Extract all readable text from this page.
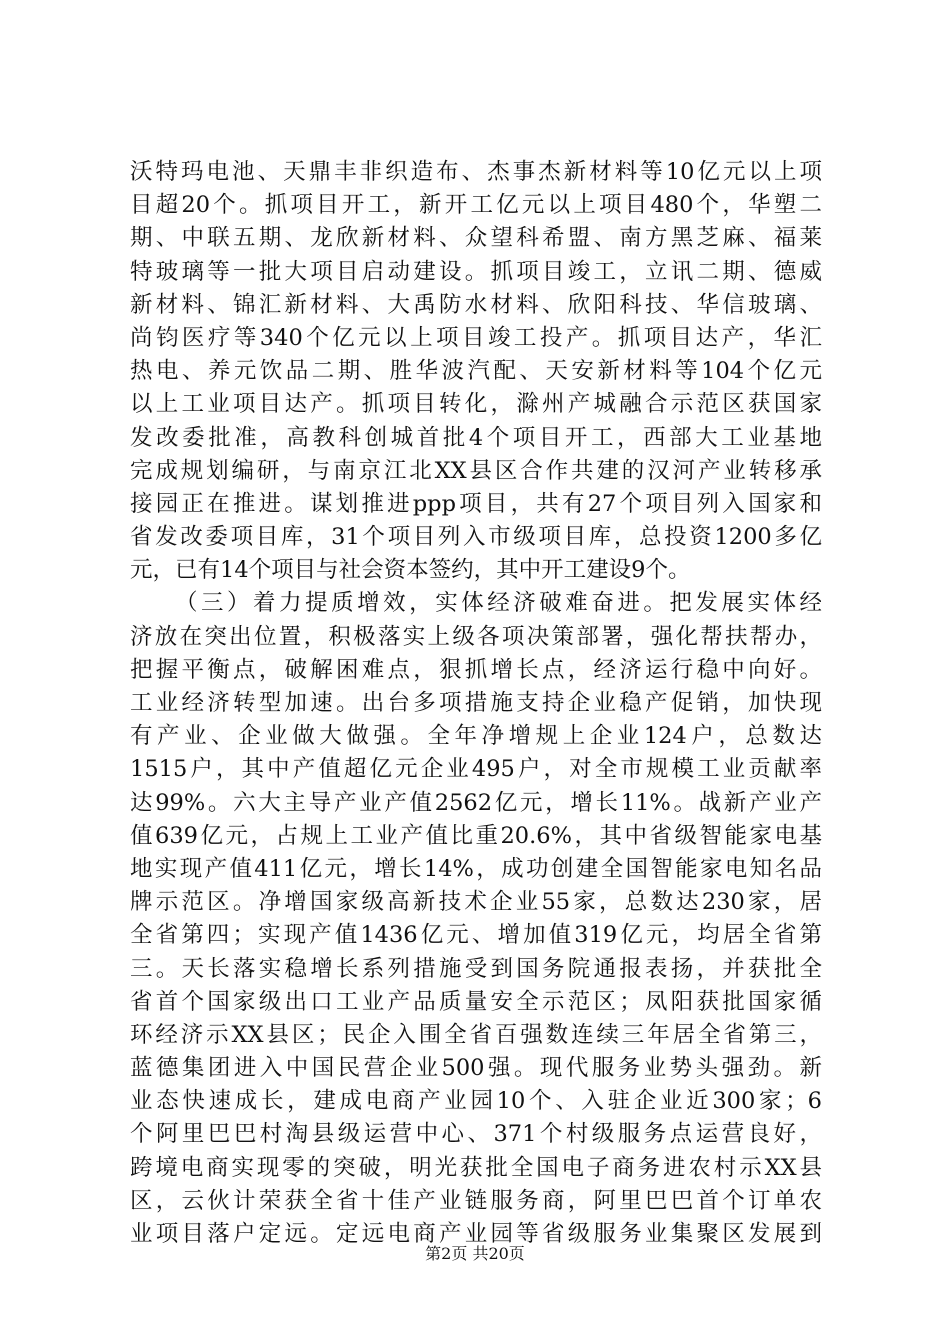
沃特玛电池、天鼎丰非织造布、杰事杰新材料等10亿元以上项
目超20个。抓项目开工，新开工亿元以上项目480个，华塑二
期、中联五期、龙欣新材料、众望科希盟、南方黑芝麻、福莱
特玻璃等一批大项目启动建设。抓项目竣工，立讯二期、德威
新材料、锦汇新材料、大禹防水材料、欣阳科技、华信玻璃、
尚钧医疗等340个亿元以上项目竣工投产。抓项目达产，华汇
热电、养元饮品二期、胜华波汽配、天安新材料等104个亿元
以上工业项目达产。抓项目转化，滁州产城融合示范区获国家
发改委批准，高教科创城首批4个项目开工，西部大工业基地
完成规划编研，与南京江北XX县区合作共建的汉河产业转移承
接园正在推进。谋划推进ppp项目，共有27个项目列入国家和
省发改委项目库，31个项目列入市级项目库，总投资1200多亿
元，已有14个项目与社会资本签约，其中开工建设9个。
（三）着力提质增效，实体经济破难奋进。把发展实体经
济放在突出位置，积极落实上级各项决策部署，强化帮扶帮办，
把握平衡点，破解困难点，狠抓增长点，经济运行稳中向好。
工业经济转型加速。出台多项措施支持企业稳产促销，加快现
有产业、企业做大做强。全年净增规上企业124户，总数达
1515户，其中产值超亿元企业495户，对全市规模工业贡献率
达99%。六大主导产业产值2562亿元，增长11%。战新产业产
值639亿元，占规上工业产值比重20.6%，其中省级智能家电基
地实现产值411亿元，增长14%，成功创建全国智能家电知名品
牌示范区。净增国家级高新技术企业55家，总数达230家，居
全省第四；实现产值1436亿元、增加值319亿元，均居全省第
三。天长落实稳增长系列措施受到国务院通报表扬，并获批全
省首个国家级出口工业产品质量安全示范区；凤阳获批国家循
环经济示XX县区；民企入围全省百强数连续三年居全省第三，
蓝德集团进入中国民营企业500强。现代服务业势头强劲。新
业态快速成长，建成电商产业园10个、入驻企业近300家；6
个阿里巴巴村淘县级运营中心、371个村级服务点运营良好，
跨境电商实现零的突破，明光获批全国电子商务进农村示XX县
区，云伙计荣获全省十佳产业链服务商，阿里巴巴首个订单农
业项目落户定远。定远电商产业园等省级服务业集聚区发展到
第2页 共20页
